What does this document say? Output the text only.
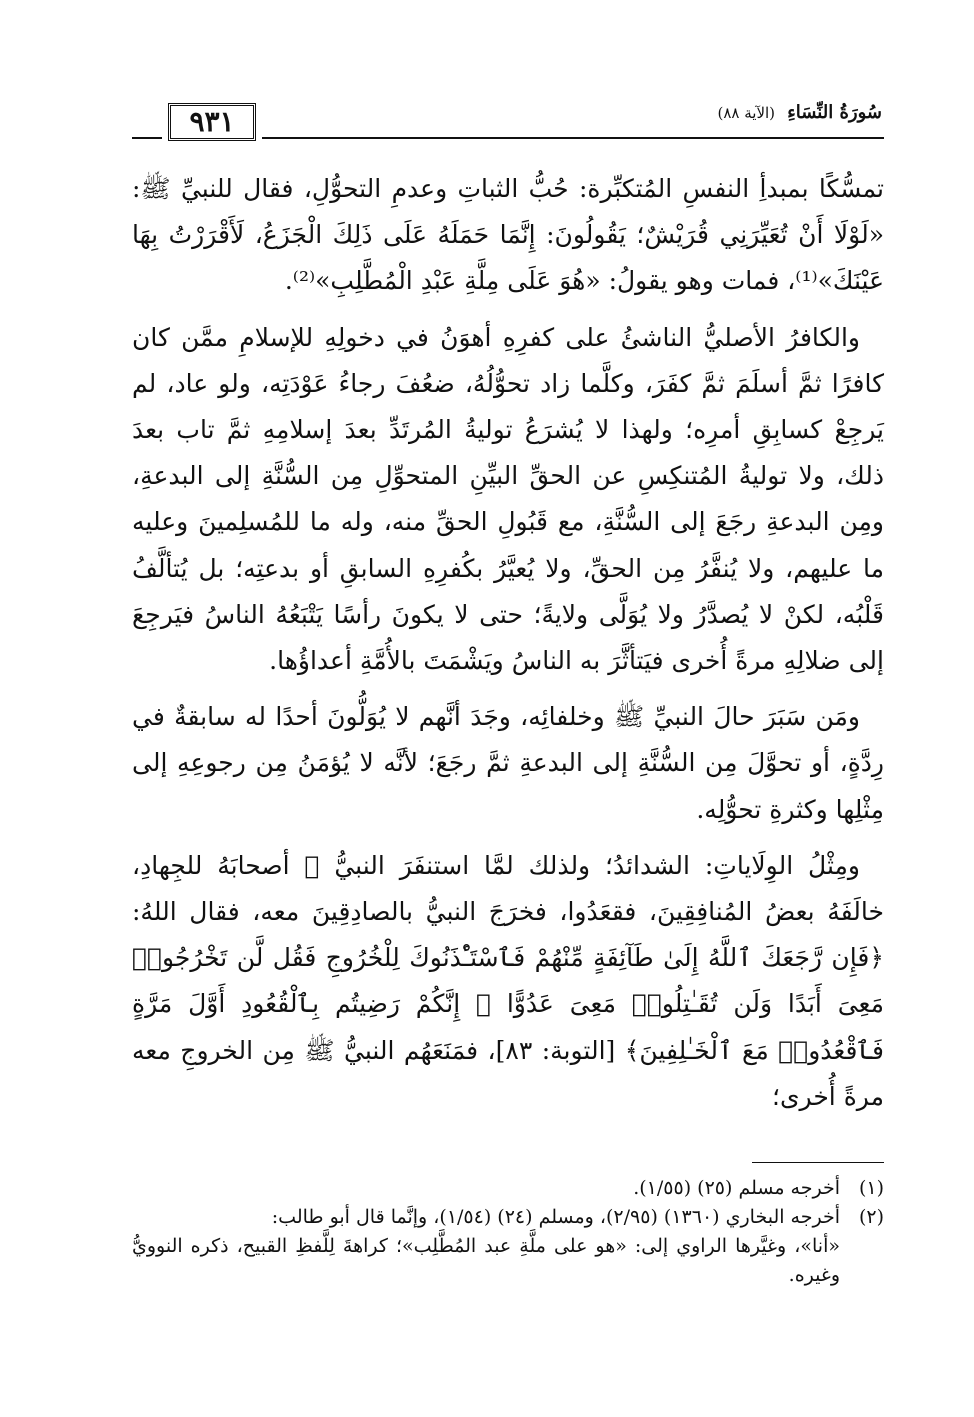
٩٣١	سُورَةُ النِّسَاءِ (الآية ٨٨)

تمسُّكًا بمبدأِ النفسِ المُتكبِّرة: حُبُّ الثباتِ وعدمِ التحوُّلِ، فقال للنبيِّ ﷺ: «لَوْلَا أَنْ تُعَيِّرَنِي قُرَيْشٌ؛ يَقُولُونَ: إِنَّمَا حَمَلَهُ عَلَى ذَلِكَ الْجَزَعُ، لَأَقْرَرْتُ بِهَا عَيْنَكَ»⁽¹⁾، فمات وهو يقولُ: «هُوَ عَلَى مِلَّةِ عَبْدِ الْمُطَّلِبِ»⁽²⁾.

والكافرُ الأصليُّ الناشئُ على كفرِهِ أهوَنُ في دخولِهِ للإسلامِ ممَّن كان كافرًا ثمَّ أسلَمَ ثمَّ كفَرَ، وكلَّما زاد تحوُّلُهُ، ضعُفَ رجاءُ عَوْدَتِه، ولو عاد، لم يَرجِعْ كسابِقِ أمرِه؛ ولهذا لا يُشرَعُ توليةُ المُرتَدِّ بعدَ إسلامِهِ ثمَّ تاب بعدَ ذلك، ولا توليةُ المُتنكِسِ عن الحقِّ البيِّنِ المتحوِّلِ مِن السُّنَّةِ إلى البدعةِ، ومِن البدعةِ رجَعَ إلى السُّنَّةِ، مع قَبُولِ الحقِّ منه، وله ما للمُسلِمينَ وعليه ما عليهم، ولا يُنفَّرُ مِن الحقِّ، ولا يُعيَّرُ بكُفرِهِ السابقِ أو بدعتِه؛ بل يُتألَّفُ قَلْبُه، لكنْ لا يُصدَّرُ ولا يُوَلَّى ولايةً؛ حتى لا يكونَ رأسًا يَتْبَعُهُ الناسُ فيَرجِعَ إلى ضلالِهِ مرةً أُخرى فيَتأثَّرَ به الناسُ ويَشْمَتَ بالأُمَّةِ أعداؤُها.

ومَن سَبَرَ حالَ النبيِّ ﷺ وخلفائِه، وجَدَ أنَّهم لا يُوَلُّونَ أحدًا له سابقةٌ في رِدَّةٍ، أو تحوَّلَ مِن السُّنَّةِ إلى البدعةِ ثمَّ رجَعَ؛ لأنَّه لا يُؤمَنُ مِن رجوعِهِ إلى مِثْلِها وكثرةِ تحوُّلِه.

ومِثْلُ الوِلَاياتِ: الشدائدُ؛ ولذلك لمَّا استنفَرَ النبيُّ ﷺ أصحابَهُ للجِهادِ، خالَفَهُ بعضُ المُنافِقِينَ، فقعَدُوا، فخرَجَ النبيُّ بالصادِقِينَ معه، فقال اللهُ: ﴿فَإِن رَّجَعَكَ ٱللَّهُ إِلَىٰ طَآئِفَةٍ مِّنْهُمْ فَٱسْتَـْٔذَنُوكَ لِلْخُرُوجِ فَقُل لَّن تَخْرُجُوا۟ مَعِىَ أَبَدًا وَلَن تُقَـٰتِلُوا۟ مَعِىَ عَدُوًّا ۖ إِنَّكُمْ رَضِيتُم بِٱلْقُعُودِ أَوَّلَ مَرَّةٍ فَٱقْعُدُوا۟ مَعَ ٱلْخَـٰلِفِينَ﴾ [التوبة: ٨٣]، فمَنَعَهُم النبيُّ ﷺ مِن الخروجِ معه مرةً أُخرى؛

(١)
أخرجه مسلم (٢٥) (١/٥٥).
(٢)
أخرجه البخاري (١٣٦٠) (٢/٩٥)، ومسلم (٢٤) (١/٥٤)، وإنَّما قال أبو طالب:

«أنا»، وغيَّرها الراوي إلى: «هو على ملَّةِ عبد المُطَّلِب»؛ كراهةَ لِلَّفظِ القبيح، ذكره النوويُّ وغيره.
